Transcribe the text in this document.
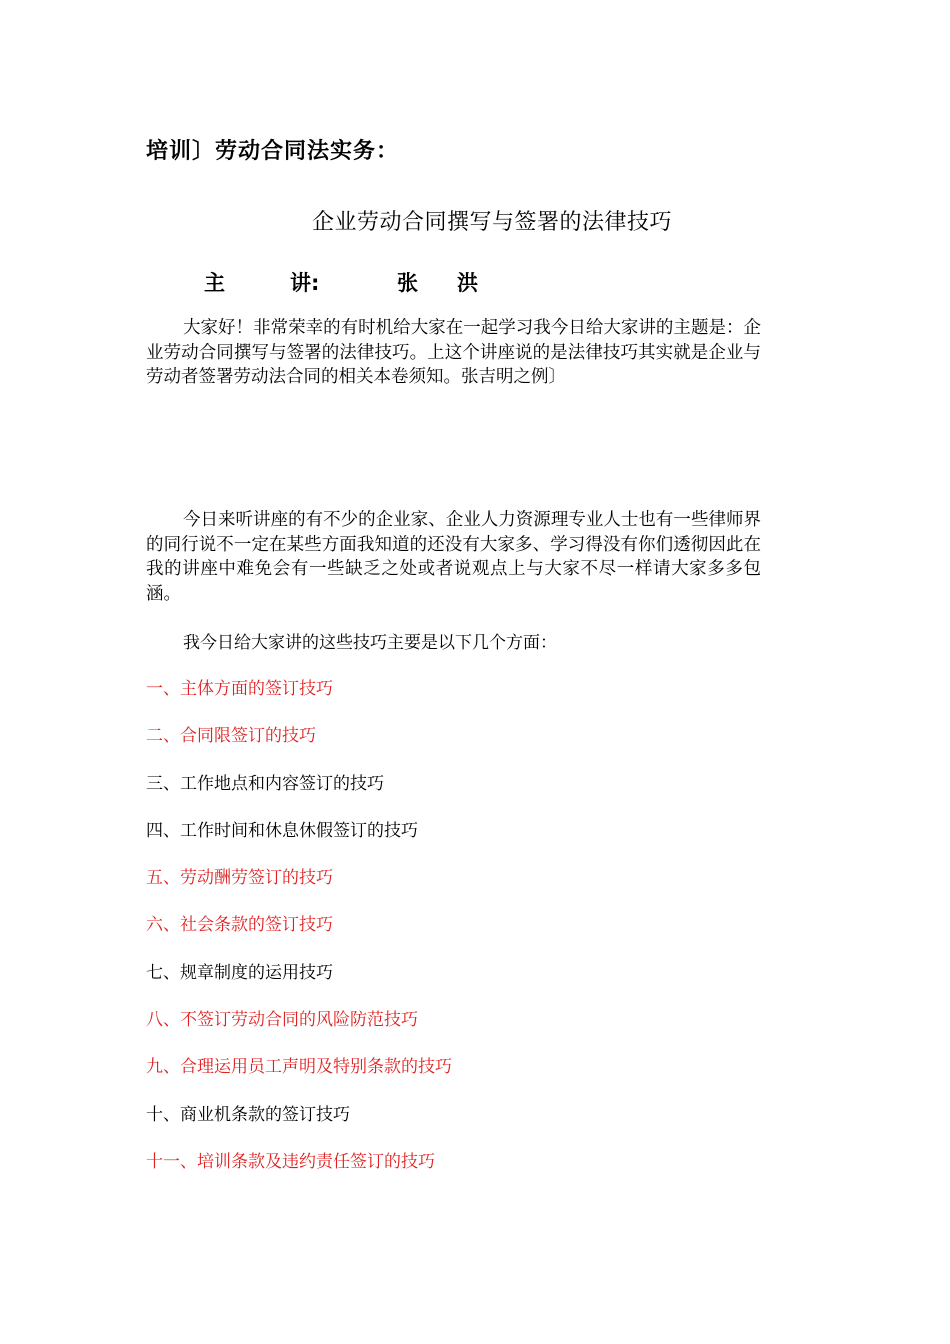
培训〕劳动合同法实务：
企业劳动合同撰写与签署的法律技巧
主	讲:	张 洪

大家好！非常荣幸的有时机给大家在一起学习我今日给大家讲的主题是：企业劳动合同撰写与签署的法律技巧。上这个讲座说的是法律技巧其实就是企业与劳动者签署劳动法合同的相关本卷须知。张吉明之例〕

今日来听讲座的有不少的企业家、企业人力资源理专业人士也有一些律师界的同行说不一定在某些方面我知道的还没有大家多、学习得没有你们透彻因此在我的讲座中难免会有一些缺乏之处或者说观点上与大家不尽一样请大家多多包涵。

我今日给大家讲的这些技巧主要是以下几个方面：
一、主体方面的签订技巧
二、合同限签订的技巧
三、工作地点和内容签订的技巧
四、工作时间和休息休假签订的技巧
五、劳动酬劳签订的技巧
六、社会条款的签订技巧
七、规章制度的运用技巧
八、不签订劳动合同的风险防范技巧
九、合理运用员工声明及特别条款的技巧
十、商业机条款的签订技巧
十一、培训条款及违约责任签订的技巧
